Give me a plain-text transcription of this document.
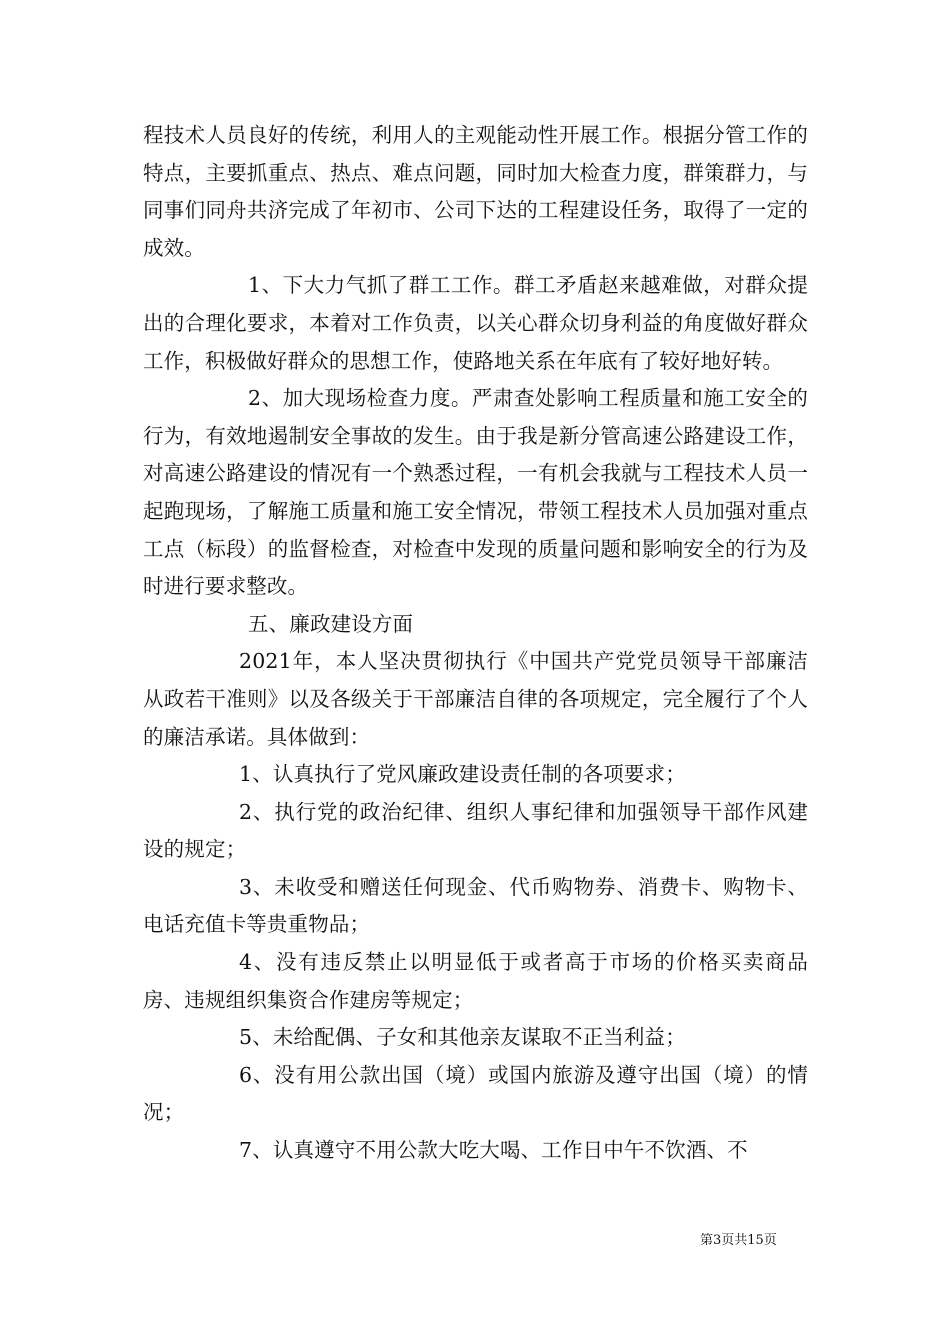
程技术人员良好的传统，利用人的主观能动性开展工作。根据分管工作的特点，主要抓重点、热点、难点问题，同时加大检查力度，群策群力，与同事们同舟共济完成了年初市、公司下达的工程建设任务，取得了一定的成效。

1、下大力气抓了群工工作。群工矛盾赵来越难做，对群众提出的合理化要求，本着对工作负责，以关心群众切身利益的角度做好群众工作，积极做好群众的思想工作，使路地关系在年底有了较好地好转。

2、加大现场检查力度。严肃查处影响工程质量和施工安全的行为，有效地遏制安全事故的发生。由于我是新分管高速公路建设工作，对高速公路建设的情况有一个熟悉过程，一有机会我就与工程技术人员一起跑现场，了解施工质量和施工安全情况，带领工程技术人员加强对重点工点（标段）的监督检查，对检查中发现的质量问题和影响安全的行为及时进行要求整改。

五、廉政建设方面

2021年，本人坚决贯彻执行《中国共产党党员领导干部廉洁从政若干准则》以及各级关于干部廉洁自律的各项规定，完全履行了个人的廉洁承诺。具体做到：

1、认真执行了党风廉政建设责任制的各项要求；

2、执行党的政治纪律、组织人事纪律和加强领导干部作风建设的规定；

3、未收受和赠送任何现金、代币购物券、消费卡、购物卡、电话充值卡等贵重物品；

4、没有违反禁止以明显低于或者高于市场的价格买卖商品房、违规组织集资合作建房等规定；

5、未给配偶、子女和其他亲友谋取不正当利益；

6、没有用公款出国（境）或国内旅游及遵守出国（境）的情况；

7、认真遵守不用公款大吃大喝、工作日中午不饮酒、不

第3页共15页
